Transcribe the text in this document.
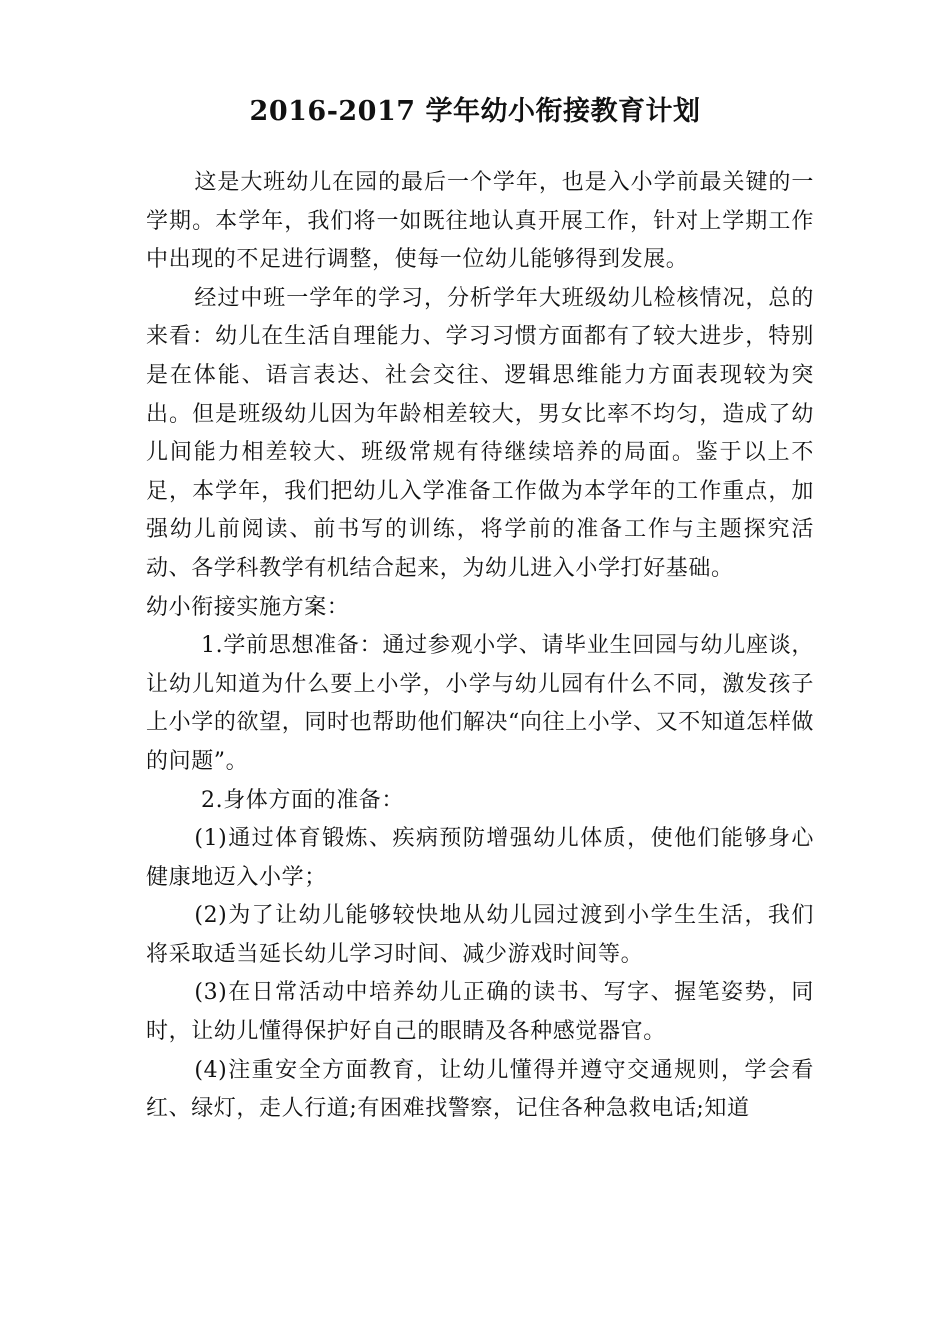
2016-2017 学年幼小衔接教育计划

这是大班幼儿在园的最后一个学年，也是入小学前最关键的一学期。本学年，我们将一如既往地认真开展工作，针对上学期工作中出现的不足进行调整，使每一位幼儿能够得到发展。

经过中班一学年的学习，分析学年大班级幼儿检核情况，总的来看：幼儿在生活自理能力、学习习惯方面都有了较大进步，特别是在体能、语言表达、社会交往、逻辑思维能力方面表现较为突出。但是班级幼儿因为年龄相差较大，男女比率不均匀，造成了幼儿间能力相差较大、班级常规有待继续培养的局面。鉴于以上不足，本学年，我们把幼儿入学准备工作做为本学年的工作重点，加强幼儿前阅读、前书写的训练，将学前的准备工作与主题探究活动、各学科教学有机结合起来，为幼儿进入小学打好基础。

幼小衔接实施方案：

1.学前思想准备：通过参观小学、请毕业生回园与幼儿座谈，让幼儿知道为什么要上小学，小学与幼儿园有什么不同，激发孩子上小学的欲望，同时也帮助他们解决“向往上小学、又不知道怎样做的问题”。

2.身体方面的准备：

(1)通过体育锻炼、疾病预防增强幼儿体质，使他们能够身心健康地迈入小学；

(2)为了让幼儿能够较快地从幼儿园过渡到小学生生活，我们将采取适当延长幼儿学习时间、减少游戏时间等。

(3)在日常活动中培养幼儿正确的读书、写字、握笔姿势，同时，让幼儿懂得保护好自己的眼睛及各种感觉器官。

(4)注重安全方面教育，让幼儿懂得并遵守交通规则，学会看红、绿灯，走人行道;有困难找警察，记住各种急救电话;知道
